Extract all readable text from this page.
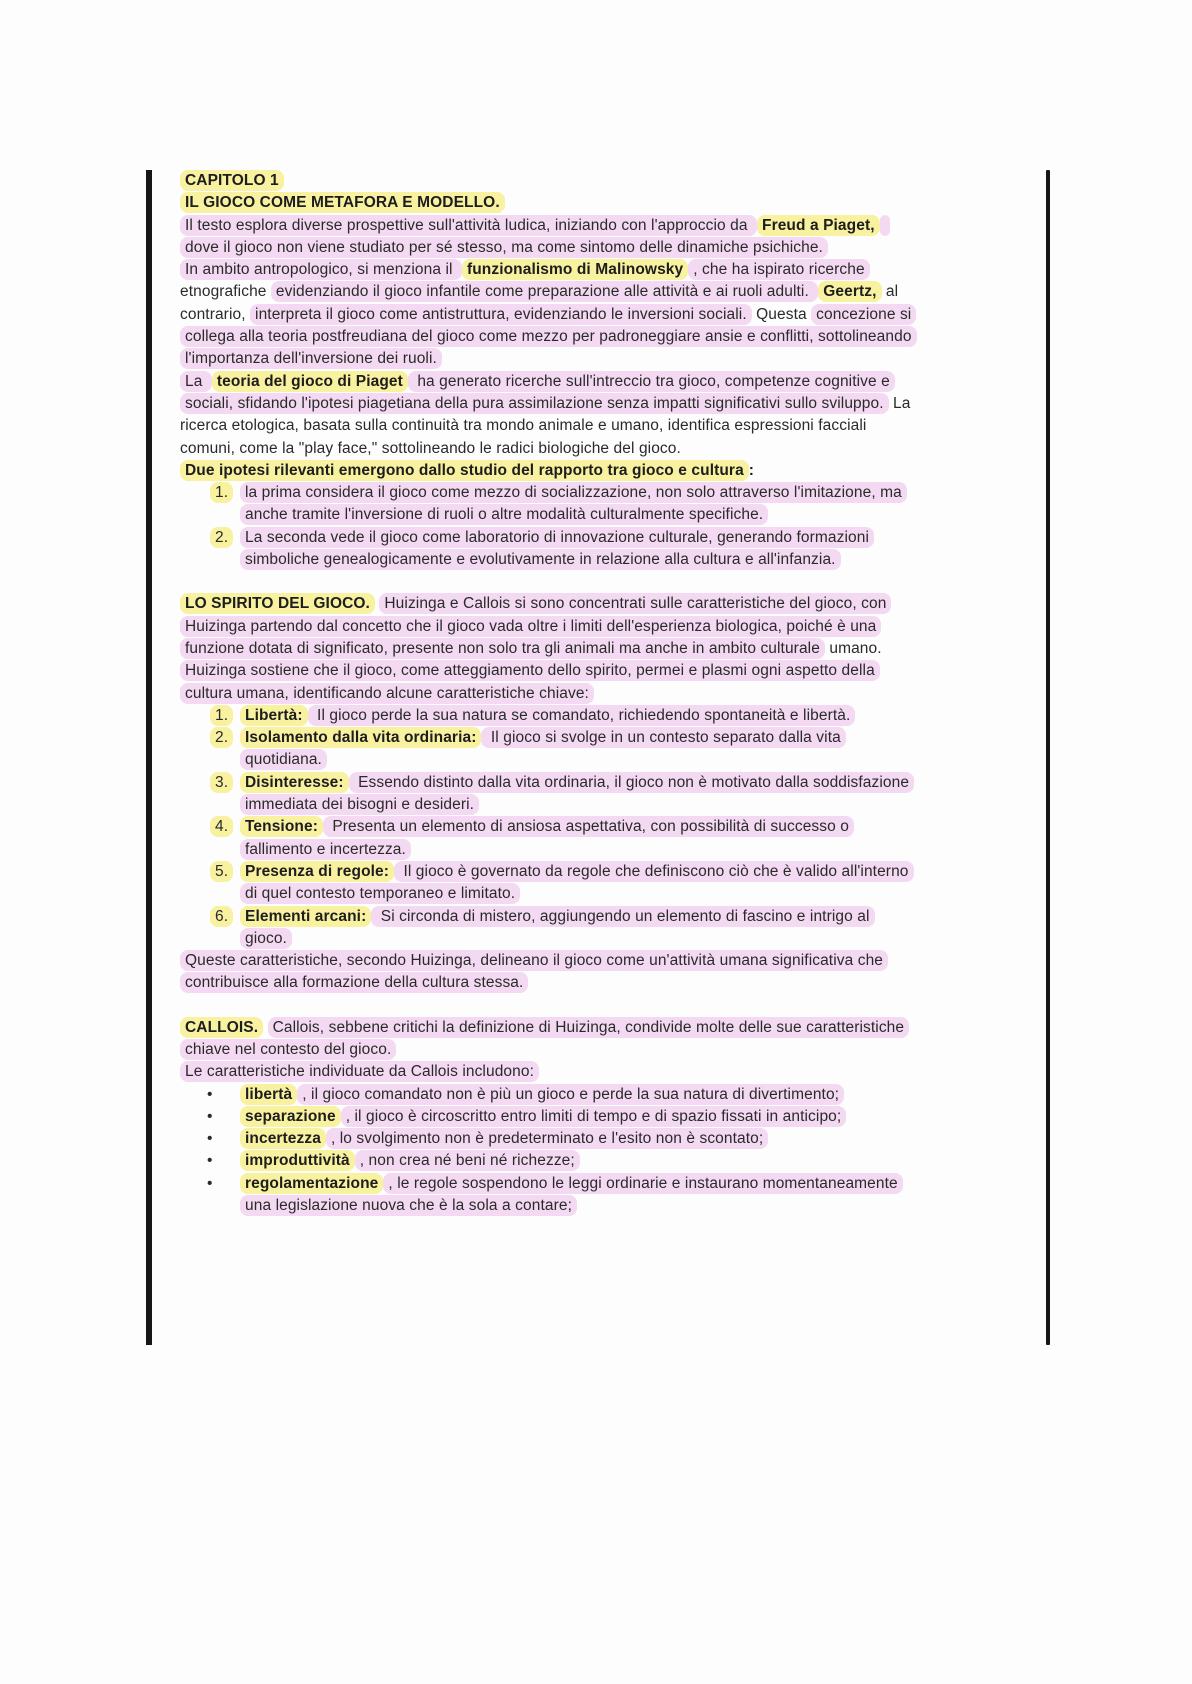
CAPITOLO 1

IL GIOCO COME METAFORA E MODELLO.

Il testo esplora diverse prospettive sull'attività ludica, iniziando con l'approccio da Freud a Piaget, dove il gioco non viene studiato per sé stesso, ma come sintomo delle dinamiche psichiche.

In ambito antropologico, si menziona il funzionalismo di Malinowsky , che ha ispirato ricerche etnografiche evidenziando il gioco infantile come preparazione alle attività e ai ruoli adulti. Geertz, al contrario, interpreta il gioco come antistruttura, evidenziando le inversioni sociali. Questa concezione si collega alla teoria postfreudiana del gioco come mezzo per padroneggiare ansie e conflitti, sottolineando l'importanza dell'inversione dei ruoli.

La teoria del gioco di Piaget ha generato ricerche sull'intreccio tra gioco, competenze cognitive e sociali, sfidando l'ipotesi piagetiana della pura assimilazione senza impatti significativi sullo sviluppo. La ricerca etologica, basata sulla continuità tra mondo animale e umano, identifica espressioni facciali comuni, come la "play face," sottolineando le radici biologiche del gioco.

Due ipotesi rilevanti emergono dallo studio del rapporto tra gioco e cultura :

1.	la prima considera il gioco come mezzo di socializzazione, non solo attraverso l'imitazione, ma anche tramite l'inversione di ruoli o altre modalità culturalmente specifiche.
2.	La seconda vede il gioco come laboratorio di innovazione culturale, generando formazioni simboliche genealogicamente e evolutivamente in relazione alla cultura e all'infanzia.

LO SPIRITO DEL GIOCO. Huizinga e Callois si sono concentrati sulle caratteristiche del gioco, con Huizinga partendo dal concetto che il gioco vada oltre i limiti dell'esperienza biologica, poiché è una funzione dotata di significato, presente non solo tra gli animali ma anche in ambito culturale umano.

Huizinga sostiene che il gioco, come atteggiamento dello spirito, permei e plasmi ogni aspetto della cultura umana, identificando alcune caratteristiche chiave:

1.	Libertà: Il gioco perde la sua natura se comandato, richiedendo spontaneità e libertà.
2.	Isolamento dalla vita ordinaria: Il gioco si svolge in un contesto separato dalla vita quotidiana.
3.	Disinteresse: Essendo distinto dalla vita ordinaria, il gioco non è motivato dalla soddisfazione immediata dei bisogni e desideri.
4.	Tensione: Presenta un elemento di ansiosa aspettativa, con possibilità di successo o fallimento e incertezza.
5.	Presenza di regole: Il gioco è governato da regole che definiscono ciò che è valido all'interno di quel contesto temporaneo e limitato.
6.	Elementi arcani: Si circonda di mistero, aggiungendo un elemento di fascino e intrigo al gioco.

Queste caratteristiche, secondo Huizinga, delineano il gioco come un'attività umana significativa che contribuisce alla formazione della cultura stessa.

CALLOIS. Callois, sebbene critichi la definizione di Huizinga, condivide molte delle sue caratteristiche chiave nel contesto del gioco.

Le caratteristiche individuate da Callois includono:

• libertà , il gioco comandato non è più un gioco e perde la sua natura di divertimento;
• separazione , il gioco è circoscritto entro limiti di tempo e di spazio fissati in anticipo;
• incertezza , lo svolgimento non è predeterminato e l'esito non è scontato;
• improduttività , non crea né beni né richezze;
• regolamentazione , le regole sospendono le leggi ordinarie e instaurano momentaneamente una legislazione nuova che è la sola a contare;
